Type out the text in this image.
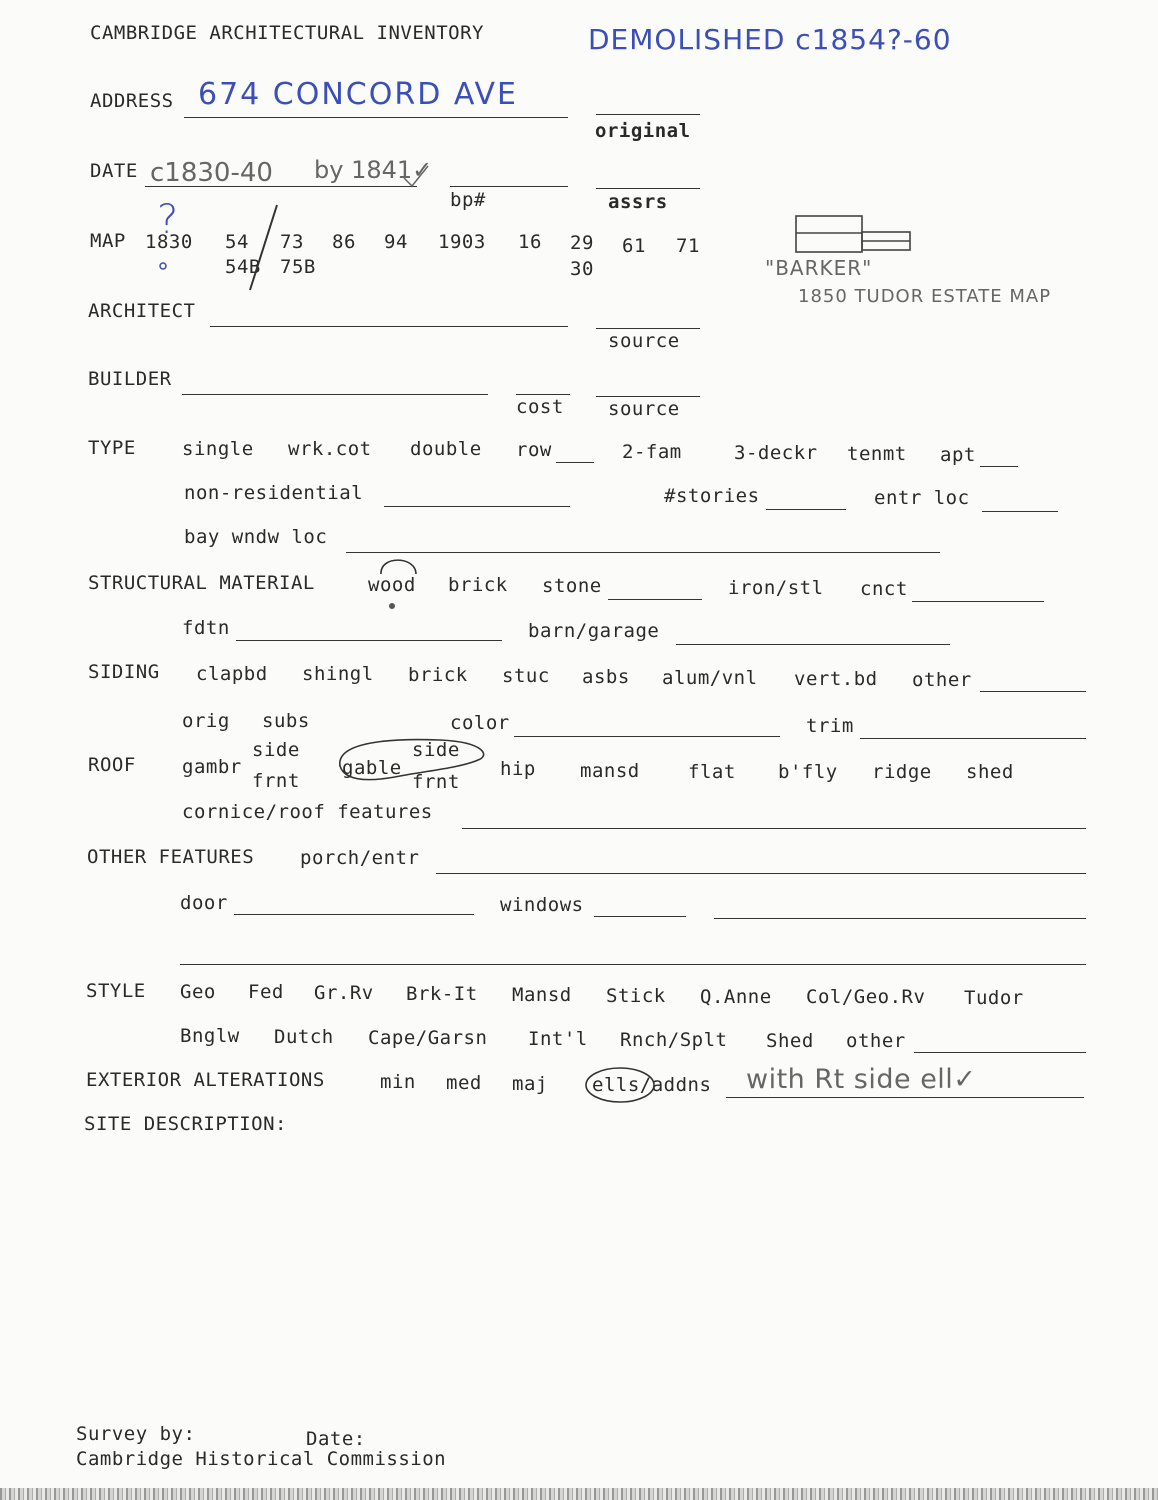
CAMBRIDGE ARCHITECTURAL INVENTORY	DEMOLISHED c1854?-60
ADDRESS 674 CONCORD AVE
original
DATE c1830-40 by 1841✓
bp#	assrs
MAP 1830 54 73 86 94 1903 16 29 61 71
54B 75B	30
?
"BARKER"
1850 TUDOR ESTATE MAP
ARCHITECT
source
BUILDER
cost source
TYPE single wrk.cot double row	2-fam	3-deckr tenmt apt
non-residential	#stories	entr loc
bay wndw loc
STRUCTURAL MATERIAL	wood brick stone	iron/stl cnct
fdtn	barn/garage
SIDING clapbd shingl brick stuc asbs alum/vnl vert.bd other
orig subs	color	trim
ROOF gambr
side
frnt
gable
side
frnt
hip mansd	flat b'fly ridge shed
cornice/roof features
OTHER FEATURES porch/entr
door	windows
STYLE Geo Fed Gr.Rv Brk-It Mansd Stick Q.Anne Col/Geo.Rv Tudor
Bnglw Dutch Cape/Garsn Int'l Rnch/Splt Shed other
EXTERIOR ALTERATIONS	min med maj ells/addns with Rt side ell✓
SITE DESCRIPTION:
Survey by:	Date:
Cambridge Historical Commission
